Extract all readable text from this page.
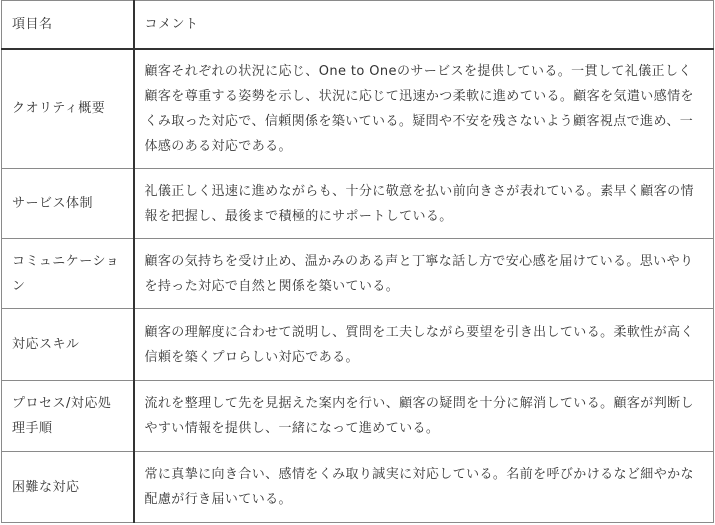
項目名	コメント
クオリティ概要	顧客それぞれの状況に応じ、One to Oneのサービスを提供している。一貫して礼儀正しく顧客を尊重する姿勢を示し、状況に応じて迅速かつ柔軟に進めている。顧客を気遣い感情をくみ取った対応で、信頼関係を築いている。疑問や不安を残さないよう顧客視点で進め、一体感のある対応である。
サービス体制	礼儀正しく迅速に進めながらも、十分に敬意を払い前向きさが表れている。素早く顧客の情報を把握し、最後まで積極的にサポートしている。
コミュニケーション	顧客の気持ちを受け止め、温かみのある声と丁寧な話し方で安心感を届けている。思いやりを持った対応で自然と関係を築いている。
対応スキル	顧客の理解度に合わせて説明し、質問を工夫しながら要望を引き出している。柔軟性が高く信頼を築くプロらしい対応である。
プロセス/対応処理手順	流れを整理して先を見据えた案内を行い、顧客の疑問を十分に解消している。顧客が判断しやすい情報を提供し、一緒になって進めている。
困難な対応	常に真摯に向き合い、感情をくみ取り誠実に対応している。名前を呼びかけるなど細やかな配慮が行き届いている。
